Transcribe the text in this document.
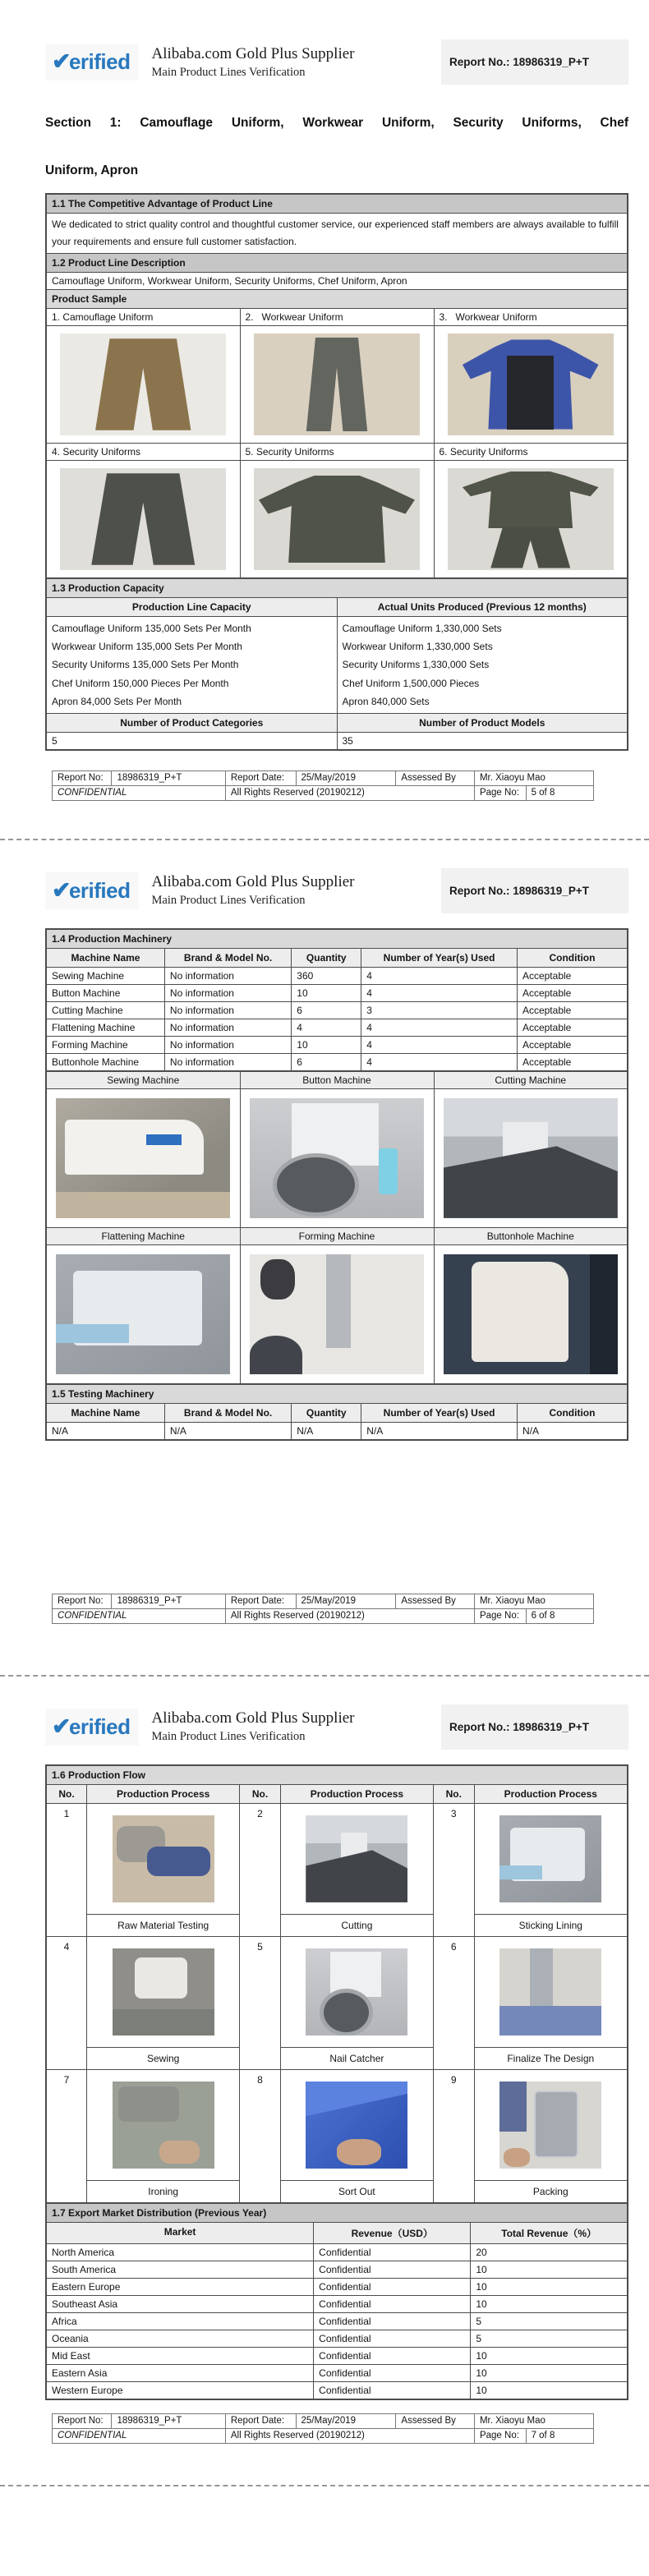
✔erified	Alibaba.com Gold Plus Supplier
Main Product Lines Verification
Report No.: 18986319_P+T
Section 1: Camouflage Uniform, Workwear Uniform, Security Uniforms, Chef
Uniform, Apron
1.1 The Competitive Advantage of Product Line		
We dedicated to strict quality control and thoughtful customer service, our experienced staff members are always available to fulfill your requirements and ensure full customer satisfaction.		
1.2 Product Line Description		
Camouflage Uniform, Workwear Uniform, Security Uniforms, Chef Uniform, Apron		
Product Sample		
1. Camouflage Uniform	2.   Workwear Uniform	3.   Workwear Uniform

4. Security Uniforms	5. Security Uniforms	6. Security Uniforms

1.3 Production Capacity	
Production Line Capacity	Actual Units Produced (Previous 12 months)

Camouflage Uniform 135,000 Sets Per Month
Workwear Uniform 135,000 Sets Per Month
Security Uniforms 135,000 Sets Per Month
Chef Uniform 150,000 Pieces Per Month
Apron 84,000 Sets Per Month

Camouflage Uniform 1,330,000 Sets
Workwear Uniform 1,330,000 Sets
Security Uniforms 1,330,000 Sets
Chef Uniform 1,500,000 Pieces
Apron 840,000 Sets

Number of Product Categories	Number of Product Models
5	35
Report No:	18986319_P+T	Report Date:	25/May/2019	Assessed By	Mr. Xiaoyu Mao	
CONFIDENTIAL		All Rights Reserved (20190212)			Page No:	5 of 8
✔erified	Alibaba.com Gold Plus Supplier
Main Product Lines Verification
Report No.: 18986319_P+T
1.4 Production Machinery				
Machine Name	Brand & Model No.	Quantity	Number of Year(s) Used	Condition
Sewing Machine	No information	360	4	Acceptable
Button Machine	No information	10	4	Acceptable
Cutting Machine	No information	6	3	Acceptable
Flattening Machine	No information	4	4	Acceptable
Forming Machine	No information	10	4	Acceptable
Buttonhole Machine	No information	6	4	Acceptable
Sewing Machine	Button Machine	Cutting Machine

Flattening Machine	Forming Machine	Buttonhole Machine

1.5 Testing Machinery				
Machine Name	Brand & Model No.	Quantity	Number of Year(s) Used	Condition
N/A	N/A	N/A	N/A	N/A
Report No:	18986319_P+T	Report Date:	25/May/2019	Assessed By	Mr. Xiaoyu Mao	
CONFIDENTIAL		All Rights Reserved (20190212)			Page No:	6 of 8
✔erified	Alibaba.com Gold Plus Supplier
Main Product Lines Verification
Report No.: 18986319_P+T
1.6 Production Flow					
No.	Production Process	No.	Production Process	No.	Production Process
1	Raw Material Testing	2	Cutting	3	Sticking Lining

4	Sewing	5	Nail Catcher	6	Finalize The Design

7	Ironing	8	Sort Out	9	Packing
1.7 Export Market Distribution (Previous Year)		
Market	Revenue（USD）	Total Revenue（%）
North America	Confidential	20
South America	Confidential	10
Eastern Europe	Confidential	10
Southeast Asia	Confidential	10
Africa	Confidential	5
Oceania	Confidential	5
Mid East	Confidential	10
Eastern Asia	Confidential	10
Western Europe	Confidential	10
Report No:	18986319_P+T	Report Date:	25/May/2019	Assessed By	Mr. Xiaoyu Mao	
CONFIDENTIAL		All Rights Reserved (20190212)			Page No:	7 of 8
